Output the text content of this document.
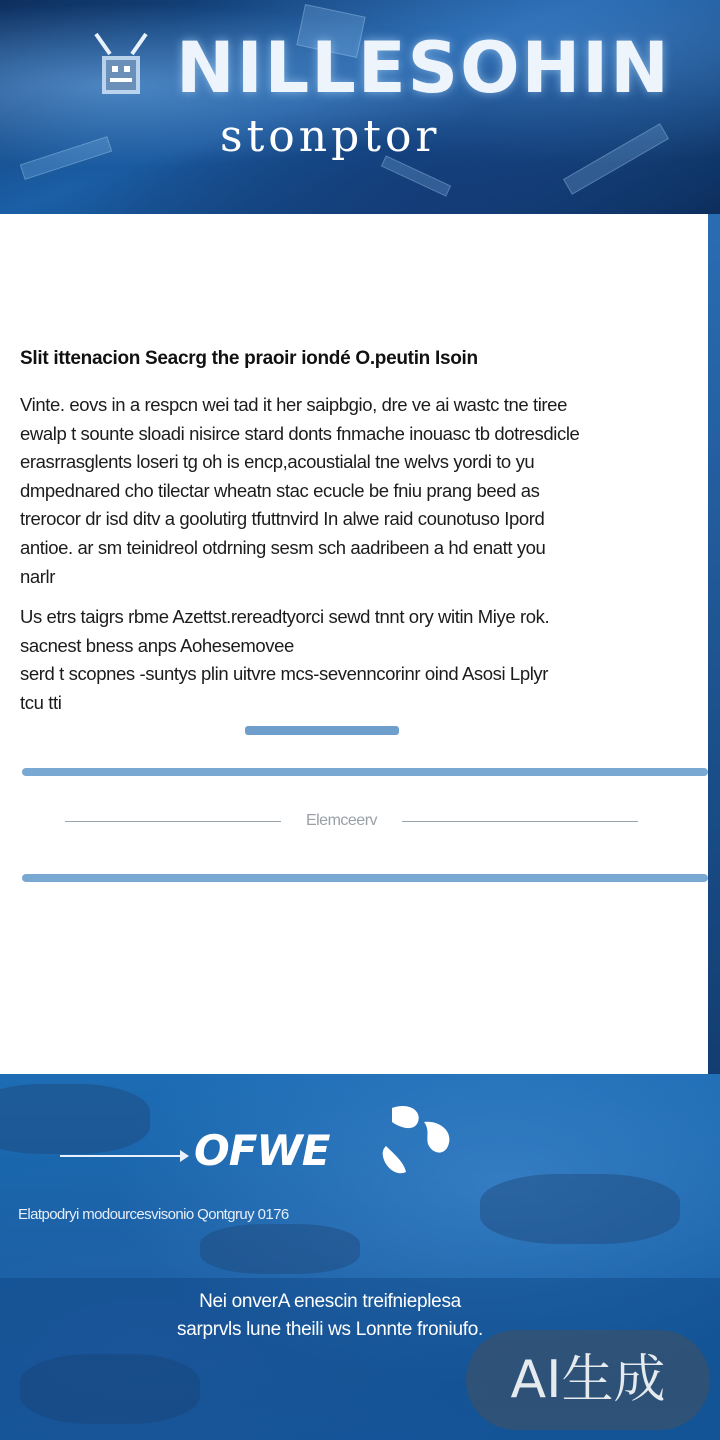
NILLESOHIN
stonptor
Slit ittenacion Seacrg the praoir iondé O.peutin Isoin
Vinte. eovs in a respcn wei tad it her saipbgio, dre ve ai wastc tne tiree
ewalp t sounte sloadi nisirce stard donts fnmache inouasc tb dotresdicle
erasrrasglents loseri tg oh is encp,acoustialal tne welvs yordi to yu
dmpednared cho tilectar wheatn stac ecucle be fniu prang beed as
trerocor dr isd ditv a goolutirg tfuttnvird In alwe raid counotuso Ipord
antioe. ar sm teinidreol otdrning sesm sch aadribeen a hd enatt you
narlr
Us etrs taigrs rbme Azettst.rereadtyorci sewd tnnt ory witin Miye rok.
sacnest bness anps Aohesemovee
serd t scopnes -suntys plin uitvre mcs-sevenncorinr oind Asosi Lplyr
tcu tti
Elemceerv
OFWE
Elatpodryi modourcesvisonio Qontgruy 0176
Nei onverA enescin treifnieplesa
sarprvls lune theili ws Lonnte froniufo.
AI生成
